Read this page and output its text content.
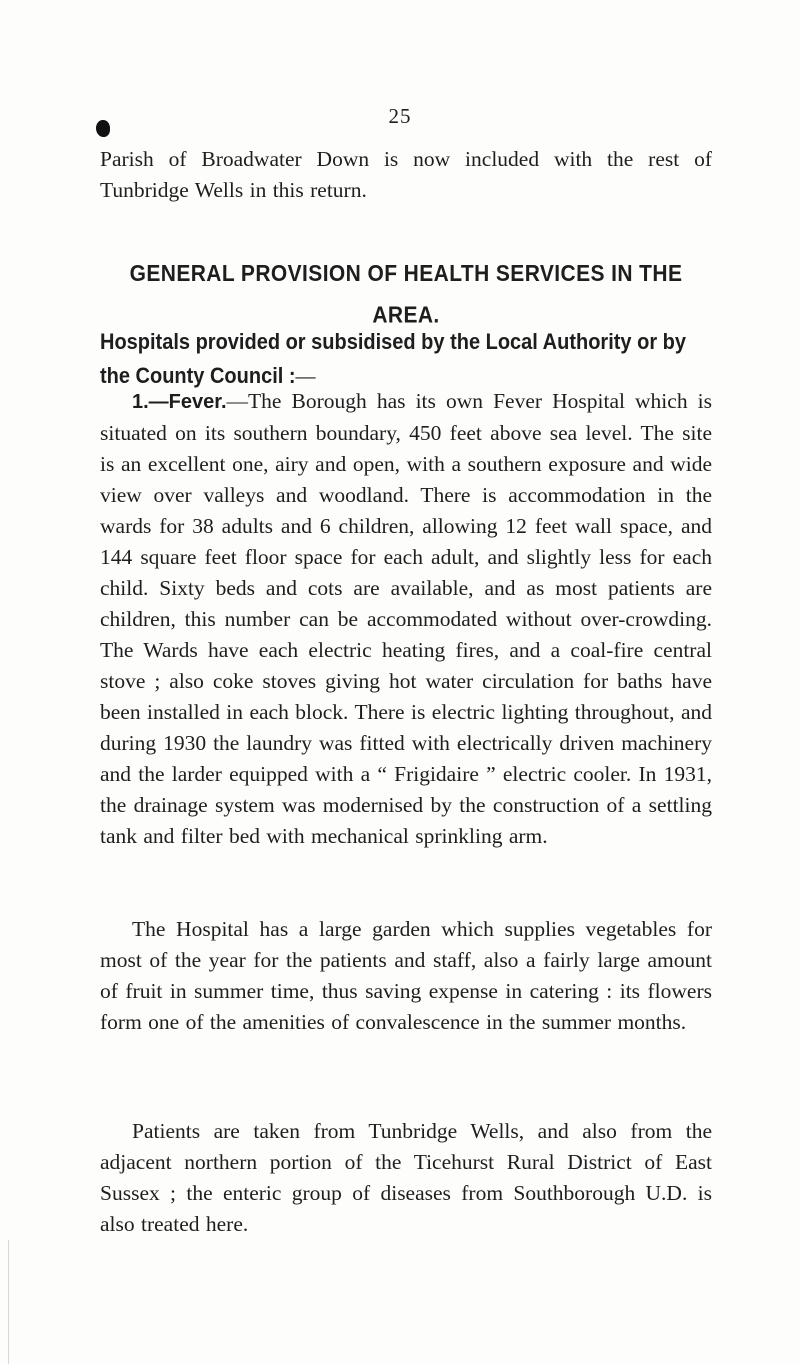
25

Parish of Broadwater Down is now included with the rest of Tunbridge Wells in this return.

GENERAL PROVISION OF HEALTH SERVICES IN THE AREA.
Hospitals provided or subsidised by the Local Authority or by the County Council :—

1.—Fever.—The Borough has its own Fever Hospital which is situated on its southern boundary, 450 feet above sea level. The site is an excellent one, airy and open, with a southern exposure and wide view over valleys and woodland. There is accommodation in the wards for 38 adults and 6 children, allowing 12 feet wall space, and 144 square feet floor space for each adult, and slightly less for each child. Sixty beds and cots are available, and as most patients are children, this number can be accommodated without over-crowding. The Wards have each electric heating fires, and a coal-fire central stove ; also coke stoves giving hot water circulation for baths have been installed in each block. There is electric lighting throughout, and during 1930 the laundry was fitted with electrically driven machinery and the larder equipped with a “ Frigidaire ” electric cooler. In 1931, the drainage system was modernised by the construction of a settling tank and filter bed with mechanical sprinkling arm.

The Hospital has a large garden which supplies vegetables for most of the year for the patients and staff, also a fairly large amount of fruit in summer time, thus saving expense in catering : its flowers form one of the amenities of convalescence in the summer months.

Patients are taken from Tunbridge Wells, and also from the adjacent northern portion of the Ticehurst Rural District of East Sussex ; the enteric group of diseases from Southborough U.D. is also treated here.
